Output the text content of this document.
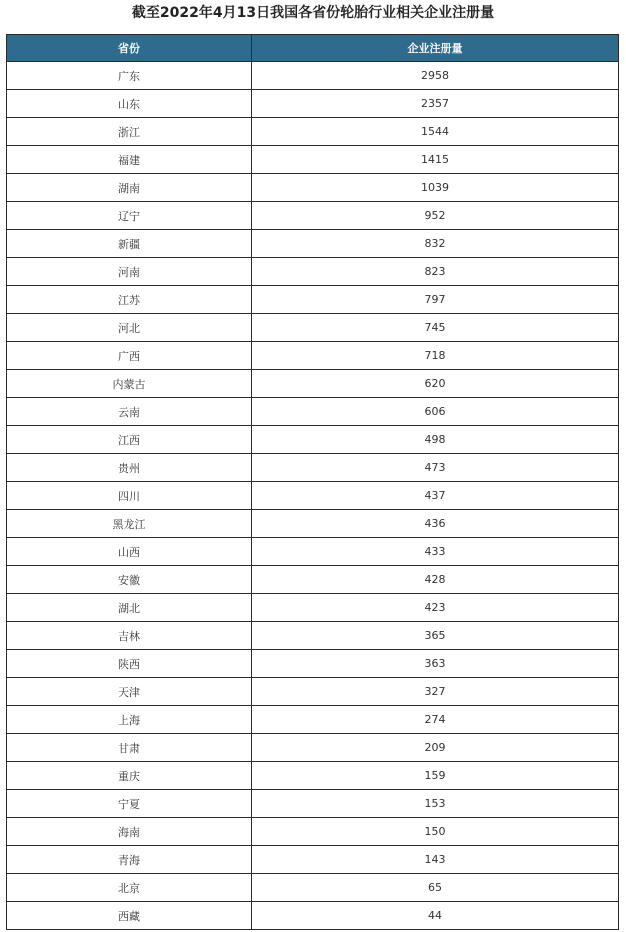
截至2022年4月13日我国各省份轮胎行业相关企业注册量
省份	企业注册量
广东	2958
山东	2357
浙江	1544
福建	1415
湖南	1039
辽宁	952
新疆	832
河南	823
江苏	797
河北	745
广西	718
内蒙古	620
云南	606
江西	498
贵州	473
四川	437
黑龙江	436
山西	433
安徽	428
湖北	423
吉林	365
陕西	363
天津	327
上海	274
甘肃	209
重庆	159
宁夏	153
海南	150
青海	143
北京	65
西藏	44
